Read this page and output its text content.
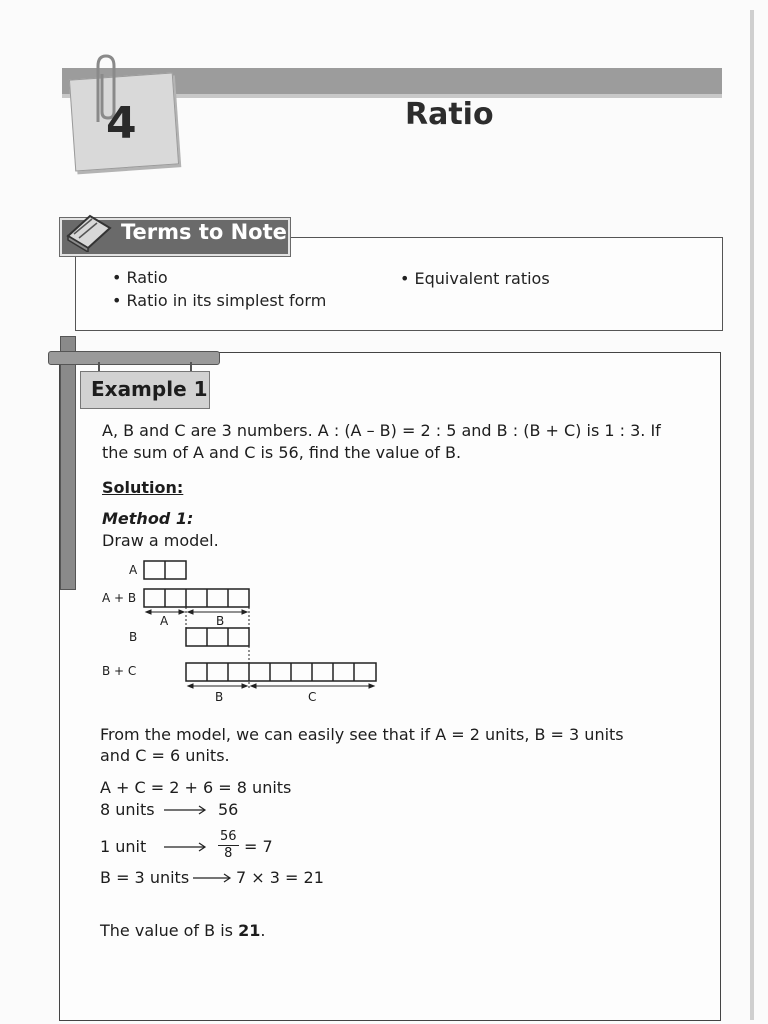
4	Ratio
Terms to Note
• Ratio
• Ratio in its simplest form
• Equivalent ratios
Example 1
A, B and C are 3 numbers. A : (A – B) = 2 : 5 and B : (B + C) is 1 : 3. If
the sum of A and C is 56, find the value of B.
Solution:
Method 1:
Draw a model.
A
A + B
A	B
B
B + C
B	C
From the model, we can easily see that if A = 2 units, B = 3 units
and C = 6 units.
A + C = 2 + 6 = 8 units
8 units	56
1 unit	$\frac{56}{8} = 7$
B = 3 units	7 × 3 = 21
The value of B is 21.
